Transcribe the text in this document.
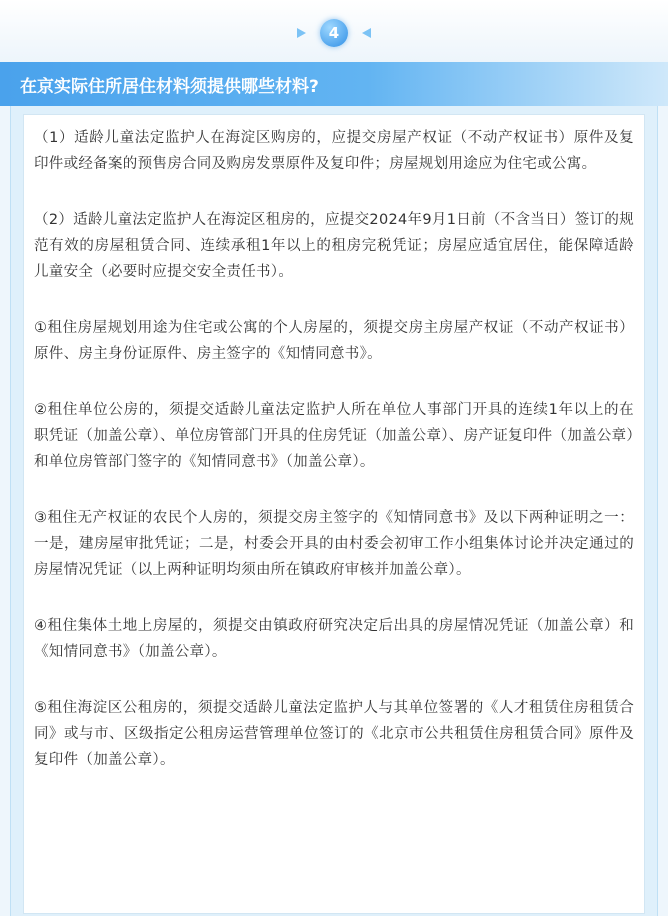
4
在京实际住所居住材料须提供哪些材料?

（1）适龄儿童法定监护人在海淀区购房的，应提交房屋产权证（不动产权证书）原件及复印件或经备案的预售房合同及购房发票原件及复印件；房屋规划用途应为住宅或公寓。

（2）适龄儿童法定监护人在海淀区租房的，应提交2024年9月1日前（不含当日）签订的规范有效的房屋租赁合同、连续承租1年以上的租房完税凭证；房屋应适宜居住，能保障适龄儿童安全（必要时应提交安全责任书）。

①租住房屋规划用途为住宅或公寓的个人房屋的，须提交房主房屋产权证（不动产权证书）原件、房主身份证原件、房主签字的《知情同意书》。

②租住单位公房的，须提交适龄儿童法定监护人所在单位人事部门开具的连续1年以上的在职凭证（加盖公章）、单位房管部门开具的住房凭证（加盖公章）、房产证复印件（加盖公章）和单位房管部门签字的《知情同意书》（加盖公章）。

③租住无产权证的农民个人房的，须提交房主签字的《知情同意书》及以下两种证明之一：一是，建房屋审批凭证；二是，村委会开具的由村委会初审工作小组集体讨论并决定通过的房屋情况凭证（以上两种证明均须由所在镇政府审核并加盖公章）。

④租住集体土地上房屋的，须提交由镇政府研究决定后出具的房屋情况凭证（加盖公章）和《知情同意书》（加盖公章）。

⑤租住海淀区公租房的，须提交适龄儿童法定监护人与其单位签署的《人才租赁住房租赁合同》或与市、区级指定公租房运营管理单位签订的《北京市公共租赁住房租赁合同》原件及复印件（加盖公章）。
